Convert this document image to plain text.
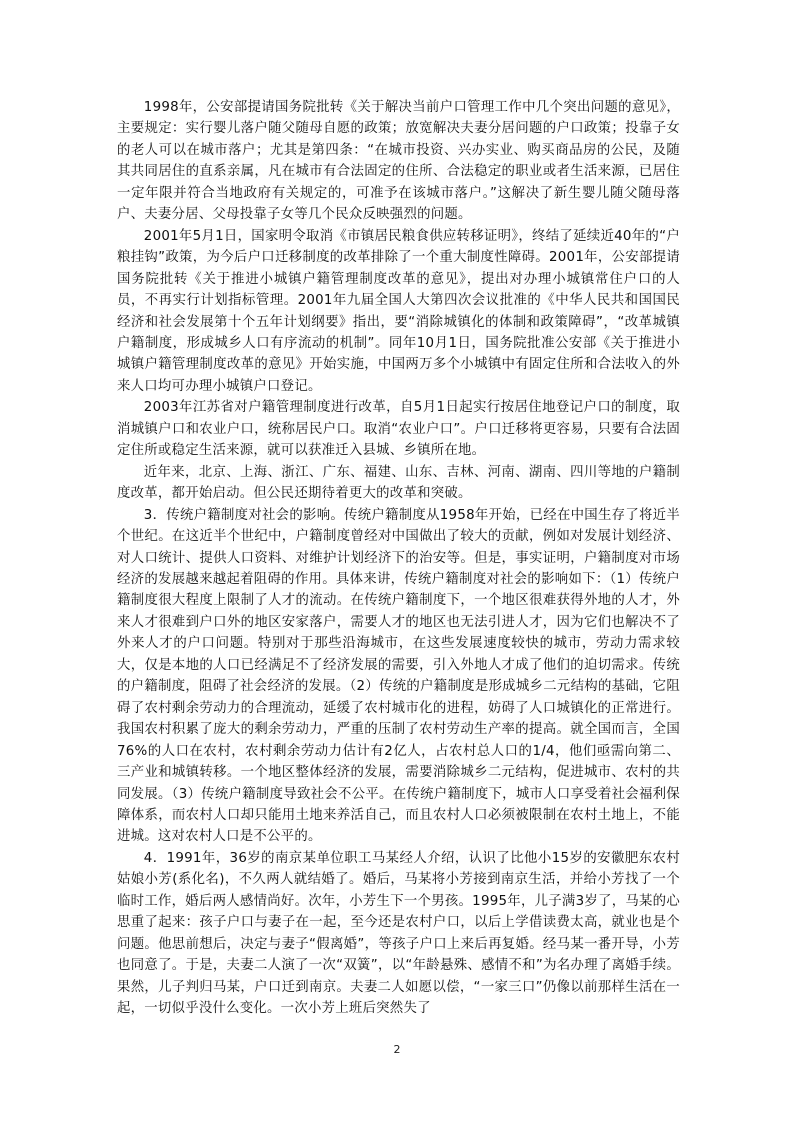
1998年，公安部提请国务院批转《关于解决当前户口管理工作中几个突出问题的意见》，主要规定：实行婴儿落户随父随母自愿的政策；放宽解决夫妻分居问题的户口政策；投靠子女的老人可以在城市落户；尤其是第四条：“在城市投资、兴办实业、购买商品房的公民，及随其共同居住的直系亲属，凡在城市有合法固定的住所、合法稳定的职业或者生活来源，已居住一定年限并符合当地政府有关规定的，可准予在该城市落户。”这解决了新生婴儿随父随母落户、夫妻分居、父母投靠子女等几个民众反映强烈的问题。

2001年5月1日，国家明令取消《市镇居民粮食供应转移证明》，终结了延续近40年的“户粮挂钩”政策，为今后户口迁移制度的改革排除了一个重大制度性障碍。2001年，公安部提请国务院批转《关于推进小城镇户籍管理制度改革的意见》，提出对办理小城镇常住户口的人员，不再实行计划指标管理。2001年九届全国人大第四次会议批准的《中华人民共和国国民经济和社会发展第十个五年计划纲要》指出，要“消除城镇化的体制和政策障碍”，“改革城镇户籍制度，形成城乡人口有序流动的机制”。同年10月1日，国务院批准公安部《关于推进小城镇户籍管理制度改革的意见》开始实施，中国两万多个小城镇中有固定住所和合法收入的外来人口均可办理小城镇户口登记。

2003年江苏省对户籍管理制度进行改革，自5月1日起实行按居住地登记户口的制度，取消城镇户口和农业户口，统称居民户口。取消“农业户口”。户口迁移将更容易，只要有合法固定住所或稳定生活来源，就可以获准迁入县城、乡镇所在地。

近年来，北京、上海、浙江、广东、福建、山东、吉林、河南、湖南、四川等地的户籍制度改革，都开始启动。但公民还期待着更大的改革和突破。

3．传统户籍制度对社会的影响。传统户籍制度从1958年开始，已经在中国生存了将近半个世纪。在这近半个世纪中，户籍制度曾经对中国做出了较大的贡献，例如对发展计划经济、对人口统计、提供人口资料、对维护计划经济下的治安等。但是，事实证明，户籍制度对市场经济的发展越来越起着阻碍的作用。具体来讲，传统户籍制度对社会的影响如下：（1）传统户籍制度很大程度上限制了人才的流动。在传统户籍制度下，一个地区很难获得外地的人才，外来人才很难到户口外的地区安家落户，需要人才的地区也无法引进人才，因为它们也解决不了外来人才的户口问题。特别对于那些沿海城市，在这些发展速度较快的城市，劳动力需求较大，仅是本地的人口已经满足不了经济发展的需要，引入外地人才成了他们的迫切需求。传统的户籍制度，阻碍了社会经济的发展。（2）传统的户籍制度是形成城乡二元结构的基础，它阻碍了农村剩余劳动力的合理流动，延缓了农村城市化的进程，妨碍了人口城镇化的正常进行。我国农村积累了庞大的剩余劳动力，严重的压制了农村劳动生产率的提高。就全国而言，全国76%的人口在农村，农村剩余劳动力估计有2亿人，占农村总人口的1/4，他们亟需向第二、三产业和城镇转移。一个地区整体经济的发展，需要消除城乡二元结构，促进城市、农村的共同发展。（3）传统户籍制度导致社会不公平。在传统户籍制度下，城市人口享受着社会福利保障体系，而农村人口却只能用土地来养活自己，而且农村人口必须被限制在农村土地上，不能进城。这对农村人口是不公平的。

4．1991年，36岁的南京某单位职工马某经人介绍，认识了比他小15岁的安徽肥东农村姑娘小芳(系化名)，不久两人就结婚了。婚后，马某将小芳接到南京生活，并给小芳找了一个临时工作，婚后两人感情尚好。次年，小芳生下一个男孩。1995年，儿子满3岁了，马某的心思重了起来：孩子户口与妻子在一起，至今还是农村户口，以后上学借读费太高，就业也是个问题。他思前想后，决定与妻子“假离婚”，等孩子户口上来后再复婚。经马某一番开导，小芳也同意了。于是，夫妻二人演了一次“双簧”，以“年龄悬殊、感情不和”为名办理了离婚手续。果然，儿子判归马某，户口迁到南京。夫妻二人如愿以偿，“一家三口”仍像以前那样生活在一起，一切似乎没什么变化。一次小芳上班后突然失了

2
